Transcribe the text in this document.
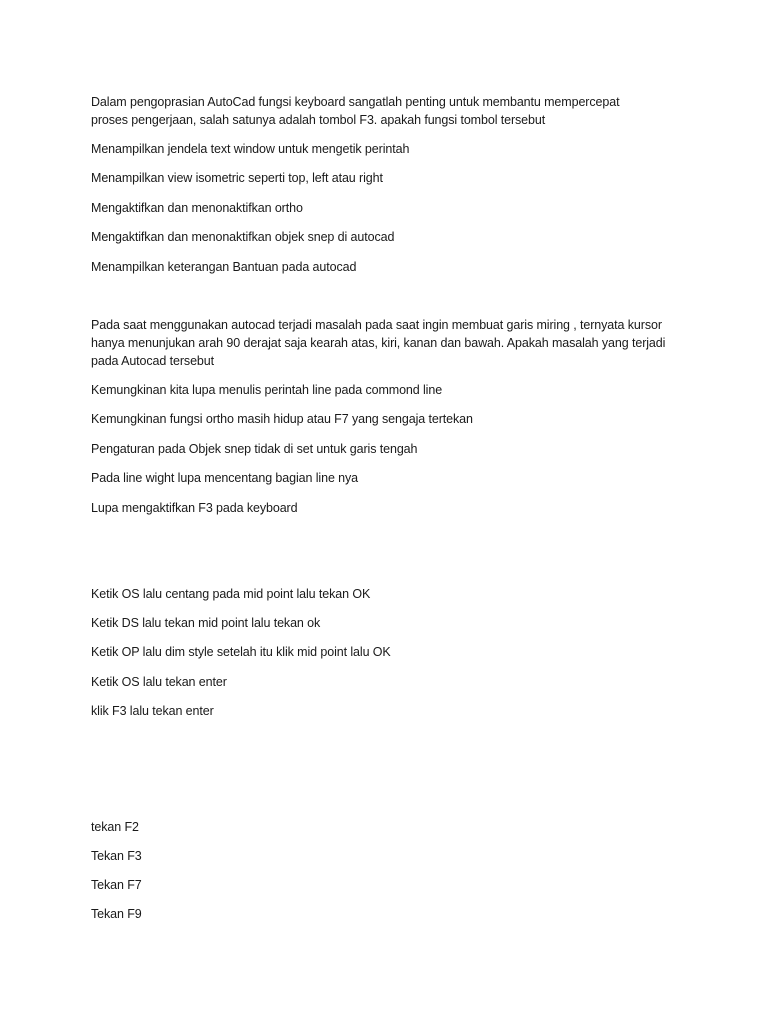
Dalam pengoprasian AutoCad fungsi keyboard sangatlah penting untuk membantu mempercepat
proses pengerjaan, salah satunya adalah tombol F3. apakah fungsi tombol tersebut
Menampilkan jendela text window untuk mengetik perintah
Menampilkan view isometric seperti top, left atau right
Mengaktifkan dan menonaktifkan ortho
Mengaktifkan dan menonaktifkan objek snep di autocad
Menampilkan keterangan Bantuan pada autocad
Pada saat menggunakan autocad terjadi masalah pada saat ingin membuat garis miring , ternyata kursor
hanya menunjukan arah 90 derajat saja kearah atas, kiri, kanan dan bawah. Apakah masalah yang terjadi
pada Autocad tersebut
Kemungkinan kita lupa menulis perintah line pada commond line
Kemungkinan fungsi ortho masih hidup atau F7 yang sengaja tertekan
Pengaturan pada Objek snep tidak di set untuk garis tengah
Pada line wight lupa mencentang bagian line nya
Lupa mengaktifkan F3 pada keyboard
Ketik OS lalu centang pada mid point lalu tekan OK
Ketik DS lalu tekan mid point lalu tekan ok
Ketik OP lalu dim style setelah itu klik mid point lalu OK
Ketik OS lalu tekan enter
klik F3 lalu tekan enter
tekan F2
Tekan F3
Tekan F7
Tekan F9
